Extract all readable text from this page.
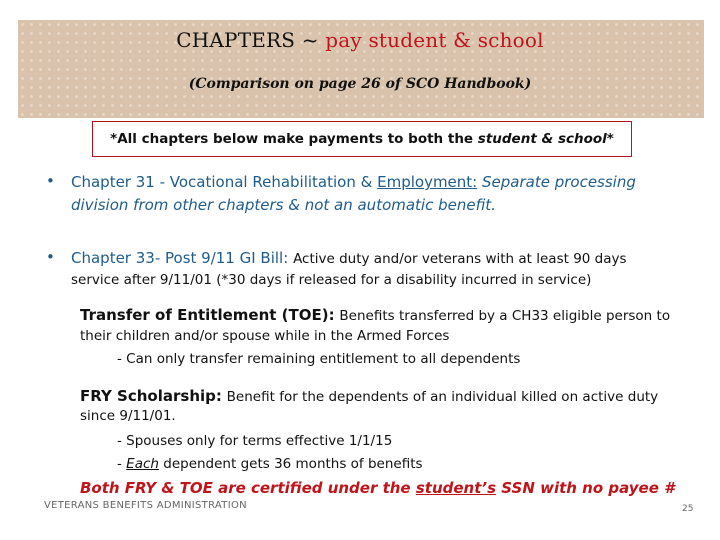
CHAPTERS ~ pay student & school
(Comparison on page 26 of SCO Handbook)
*All chapters below make payments to both the
student & school *
• Chapter 31 - Vocational Rehabilitation & Employment: Separate processing
division from other chapters & not an automatic benefit.
• Chapter 33- Post 9/11 GI Bill: Active duty and/or veterans with at least 90 days
service after 9/11/01 (*30 days if released for a disability incurred in service)
Transfer of Entitlement (TOE): Benefits transferred by a CH33 eligible person to
their children and/or spouse while in the Armed Forces
- Can only transfer remaining entitlement to all dependents
FRY Scholarship: Benefit for the dependents of an individual killed on active duty
since 9/11/01.
- Spouses only for terms effective 1/1/15
- Each dependent gets 36 months of benefits
Both FRY & TOE are certified under the student’s SSN with no payee #
VETERANS BENEFITS ADMINISTRATION	25
